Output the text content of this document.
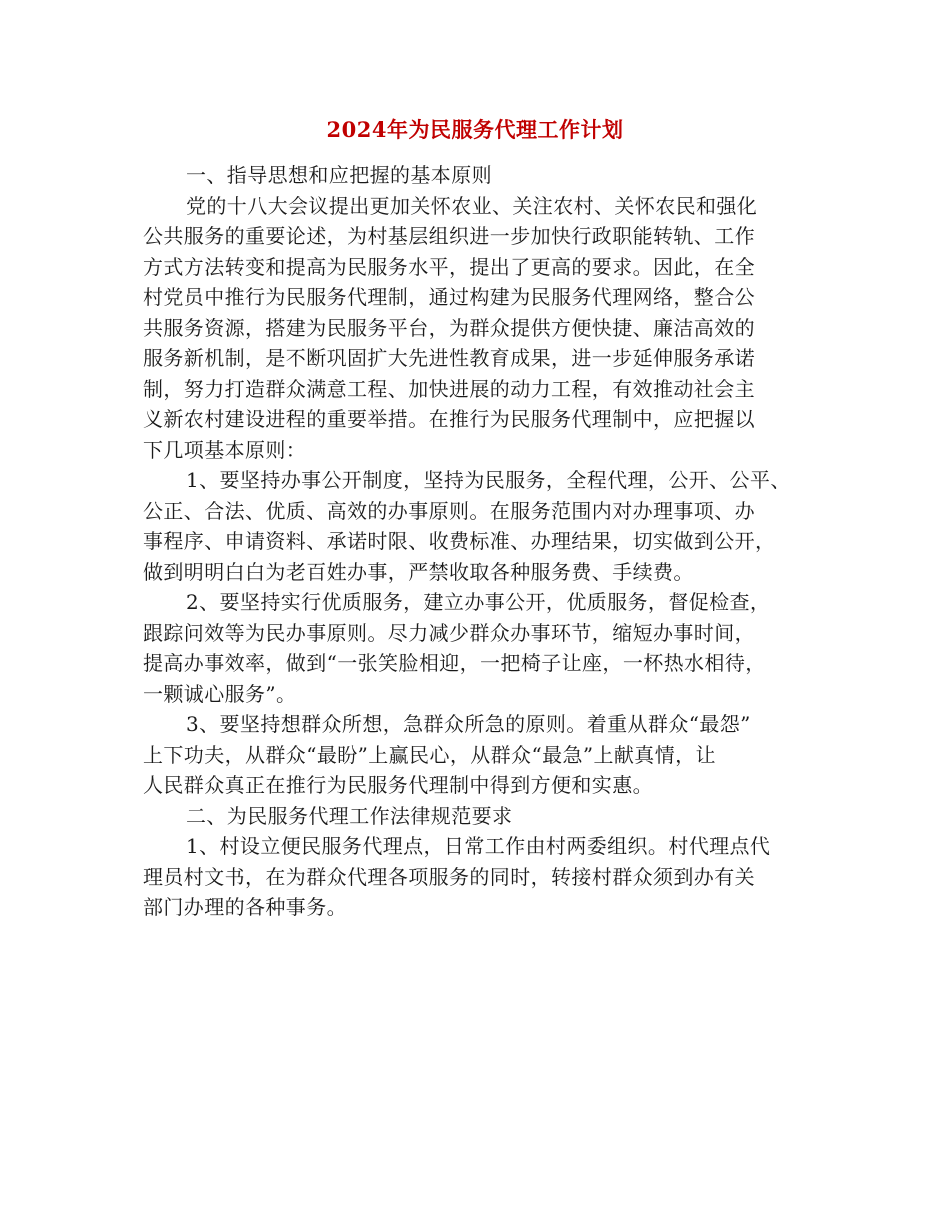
2024年为民服务代理工作计划
一、指导思想和应把握的基本原则
党的十八大会议提出更加关怀农业、关注农村、关怀农民和强化
公共服务的重要论述，为村基层组织进一步加快行政职能转轨、工作
方式方法转变和提高为民服务水平，提出了更高的要求。因此，在全
村党员中推行为民服务代理制，通过构建为民服务代理网络，整合公
共服务资源，搭建为民服务平台，为群众提供方便快捷、廉洁高效的
服务新机制，是不断巩固扩大先进性教育成果，进一步延伸服务承诺
制，努力打造群众满意工程、加快进展的动力工程，有效推动社会主
义新农村建设进程的重要举措。在推行为民服务代理制中，应把握以
下几项基本原则：
1、要坚持办事公开制度，坚持为民服务，全程代理，公开、公平、
公正、合法、优质、高效的办事原则。在服务范围内对办理事项、办
事程序、申请资料、承诺时限、收费标准、办理结果，切实做到公开，
做到明明白白为老百姓办事，严禁收取各种服务费、手续费。
2、要坚持实行优质服务，建立办事公开，优质服务，督促检查，
跟踪问效等为民办事原则。尽力减少群众办事环节，缩短办事时间，
提高办事效率，做到“一张笑脸相迎，一把椅子让座，一杯热水相待，
一颗诚心服务”。
3、要坚持想群众所想，急群众所急的原则。着重从群众“最怨”
上下功夫，从群众“最盼”上赢民心，从群众“最急”上献真情，让
人民群众真正在推行为民服务代理制中得到方便和实惠。
二、为民服务代理工作法律规范要求
1、村设立便民服务代理点，日常工作由村两委组织。村代理点代
理员村文书，在为群众代理各项服务的同时，转接村群众须到办有关
部门办理的各种事务。
